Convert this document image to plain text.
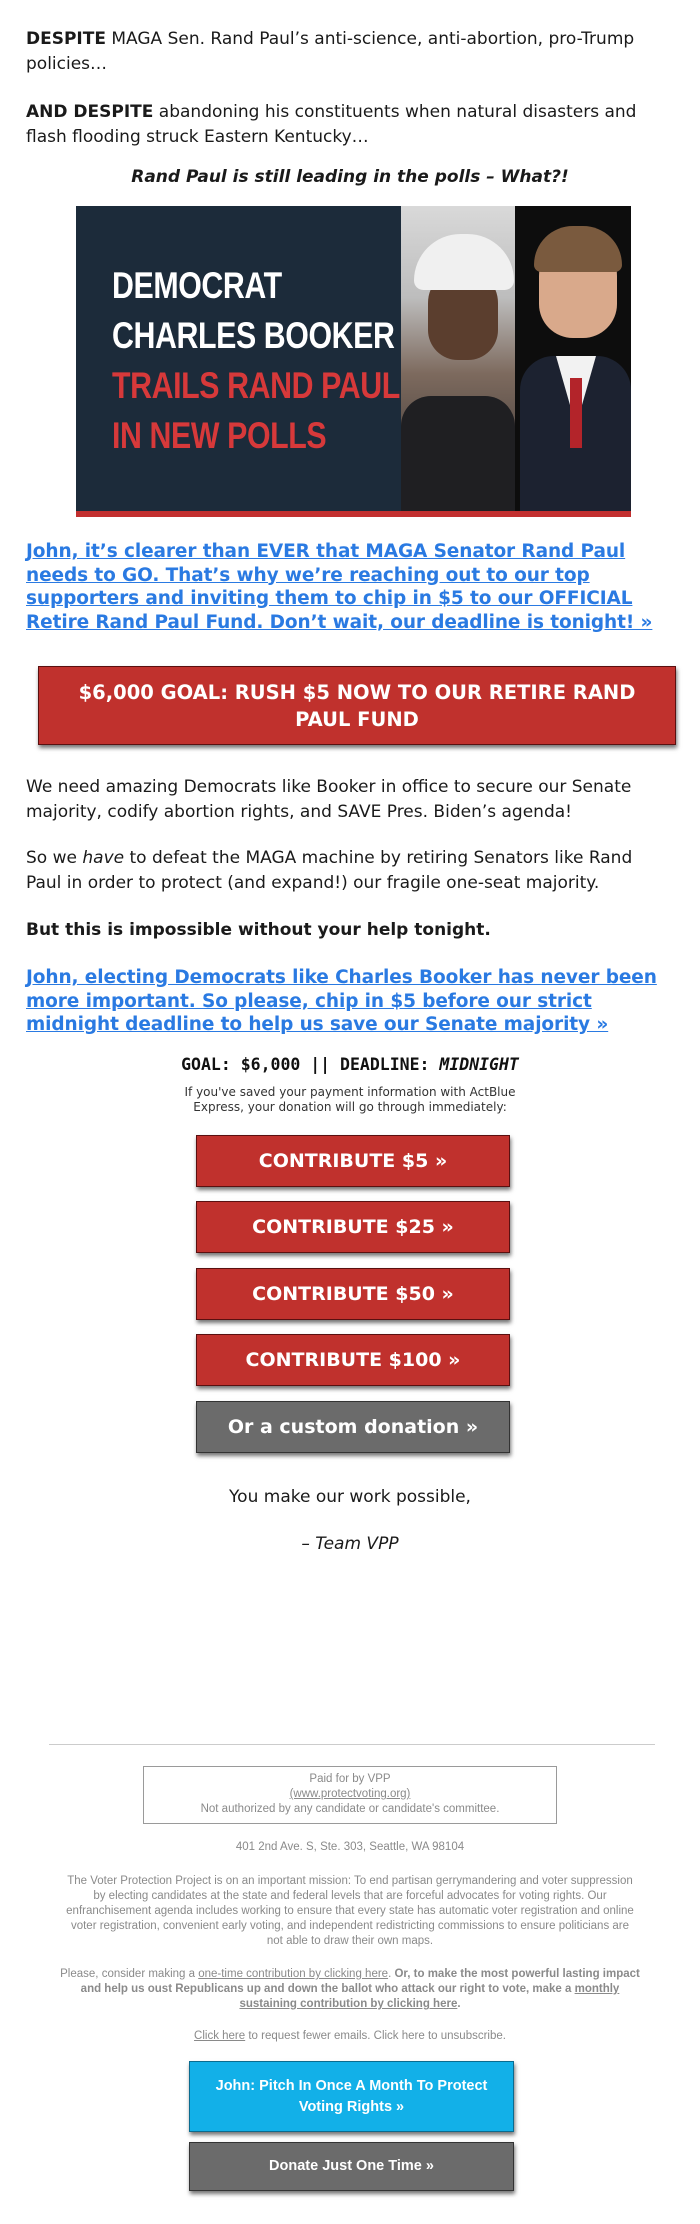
DESPITE MAGA Sen. Rand Paul’s anti-science, anti-abortion, pro-Trump policies…

AND DESPITE abandoning his constituents when natural disasters and flash flooding struck Eastern Kentucky…

Rand Paul is still leading in the polls – What?!

DEMOCRAT
CHARLES BOOKER
TRAILS RAND PAUL
IN NEW POLLS
John, it’s clearer than EVER that MAGA Senator Rand Paul needs to GO. That’s why we’re reaching out to our top supporters and inviting them to chip in $5 to our OFFICIAL Retire Rand Paul Fund. Don’t wait, our deadline is tonight! »
$6,000 GOAL: RUSH $5 NOW TO OUR RETIRE RAND PAUL FUND

We need amazing Democrats like Booker in office to secure our Senate majority, codify abortion rights, and SAVE Pres. Biden’s agenda!

So we have to defeat the MAGA machine by retiring Senators like Rand Paul in order to protect (and expand!) our fragile one-seat majority.

But this is impossible without your help tonight.

John, electing Democrats like Charles Booker has never been more important. So please, chip in $5 before our strict midnight deadline to help us save our Senate majority »
GOAL: $6,000 || DEADLINE: MIDNIGHT
If you've saved your payment information with ActBlue Express, your donation will go through immediately:
CONTRIBUTE $5 »
CONTRIBUTE $25 »
CONTRIBUTE $50 »
CONTRIBUTE $100 »
Or a custom donation »
You make our work possible,
– Team VPP
Paid for by VPP
(www.protectvoting.org)
Not authorized by any candidate or candidate's committee.
401 2nd Ave. S, Ste. 303, Seattle, WA 98104
The Voter Protection Project is on an important mission: To end partisan gerrymandering and voter suppression by electing candidates at the state and federal levels that are forceful advocates for voting rights. Our enfranchisement agenda includes working to ensure that every state has automatic voter registration and online voter registration, convenient early voting, and independent redistricting commissions to ensure politicians are not able to draw their own maps.
Please, consider making a one-time contribution by clicking here. Or, to make the most powerful lasting impact and help us oust Republicans up and down the ballot who attack our right to vote, make a monthly sustaining contribution by clicking here.
Click here to request fewer emails. Click here to unsubscribe.
John: Pitch In Once A Month To Protect Voting Rights »
Donate Just One Time »
